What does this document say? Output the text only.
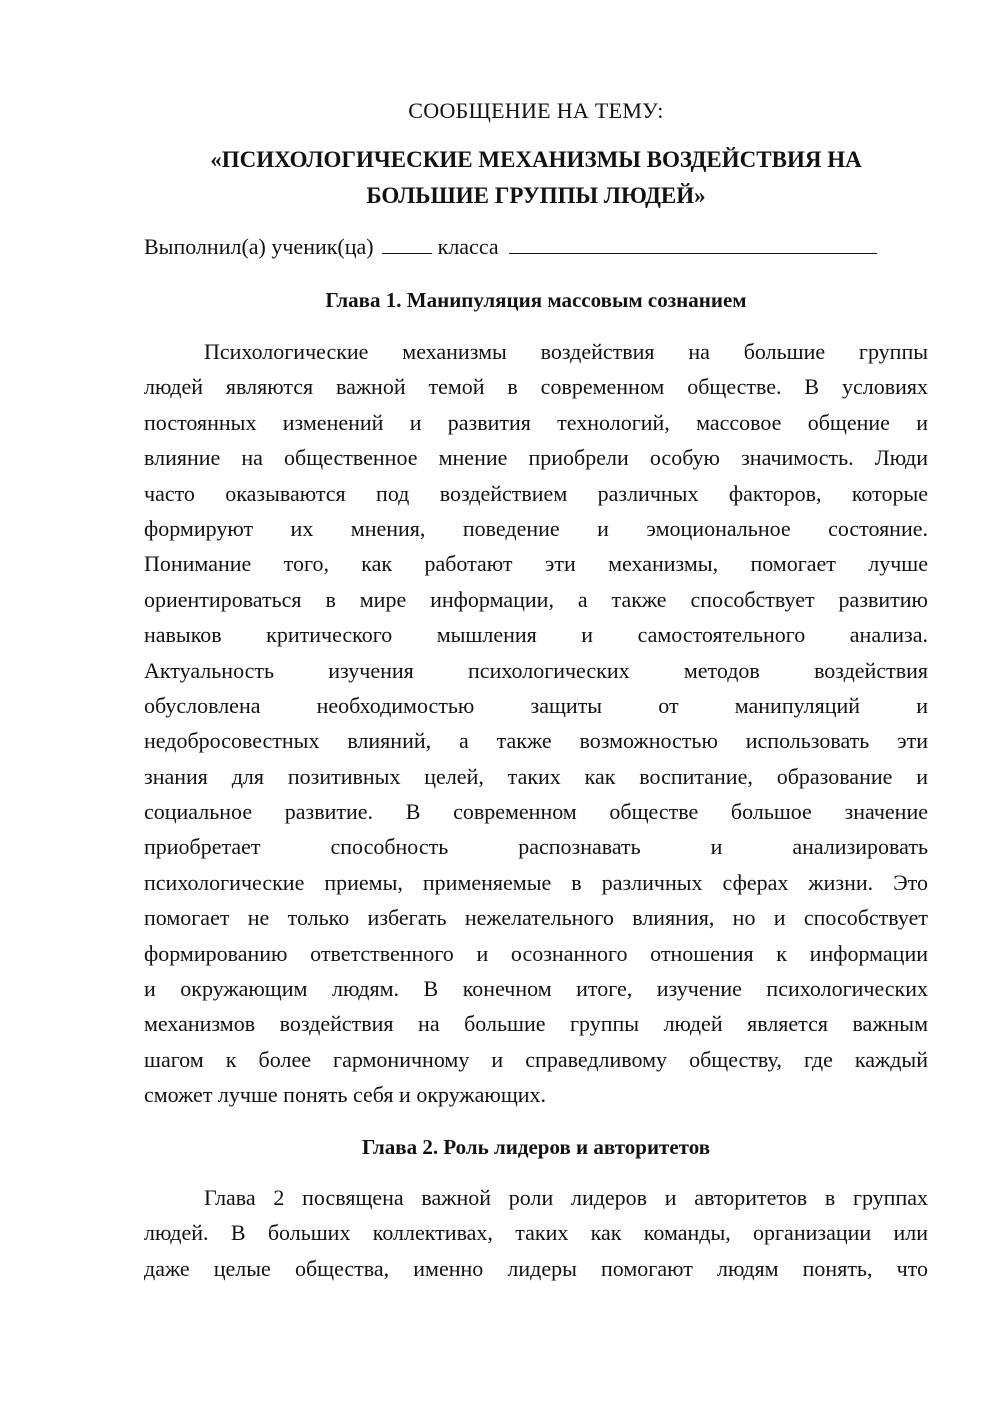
СООБЩЕНИЕ НА ТЕМУ:
«ПСИХОЛОГИЧЕСКИЕ МЕХАНИЗМЫ ВОЗДЕЙСТВИЯ НА
БОЛЬШИЕ ГРУППЫ ЛЮДЕЙ»
Выполнил(а) ученик(ца)	класса
Глава 1. Манипуляция массовым сознанием
Психологические механизмы воздействия на большие группы
людей являются важной темой в современном обществе. В условиях
постоянных изменений и развития технологий, массовое общение и
влияние на общественное мнение приобрели особую значимость. Люди
часто оказываются под воздействием различных факторов, которые
формируют их мнения, поведение и эмоциональное состояние.
Понимание того, как работают эти механизмы, помогает лучше
ориентироваться в мире информации, а также способствует развитию
навыков критического мышления и самостоятельного анализа.
Актуальность изучения психологических методов воздействия
обусловлена необходимостью защиты от манипуляций и
недобросовестных влияний, а также возможностью использовать эти
знания для позитивных целей, таких как воспитание, образование и
социальное развитие. В современном обществе большое значение
приобретает способность распознавать и анализировать
психологические приемы, применяемые в различных сферах жизни. Это
помогает не только избегать нежелательного влияния, но и способствует
формированию ответственного и осознанного отношения к информации
и окружающим людям. В конечном итоге, изучение психологических
механизмов воздействия на большие группы людей является важным
шагом к более гармоничному и справедливому обществу, где каждый
сможет лучше понять себя и окружающих.
Глава 2. Роль лидеров и авторитетов
Глава 2 посвящена важной роли лидеров и авторитетов в группах
людей. В больших коллективах, таких как команды, организации или
даже целые общества, именно лидеры помогают людям понять, что
